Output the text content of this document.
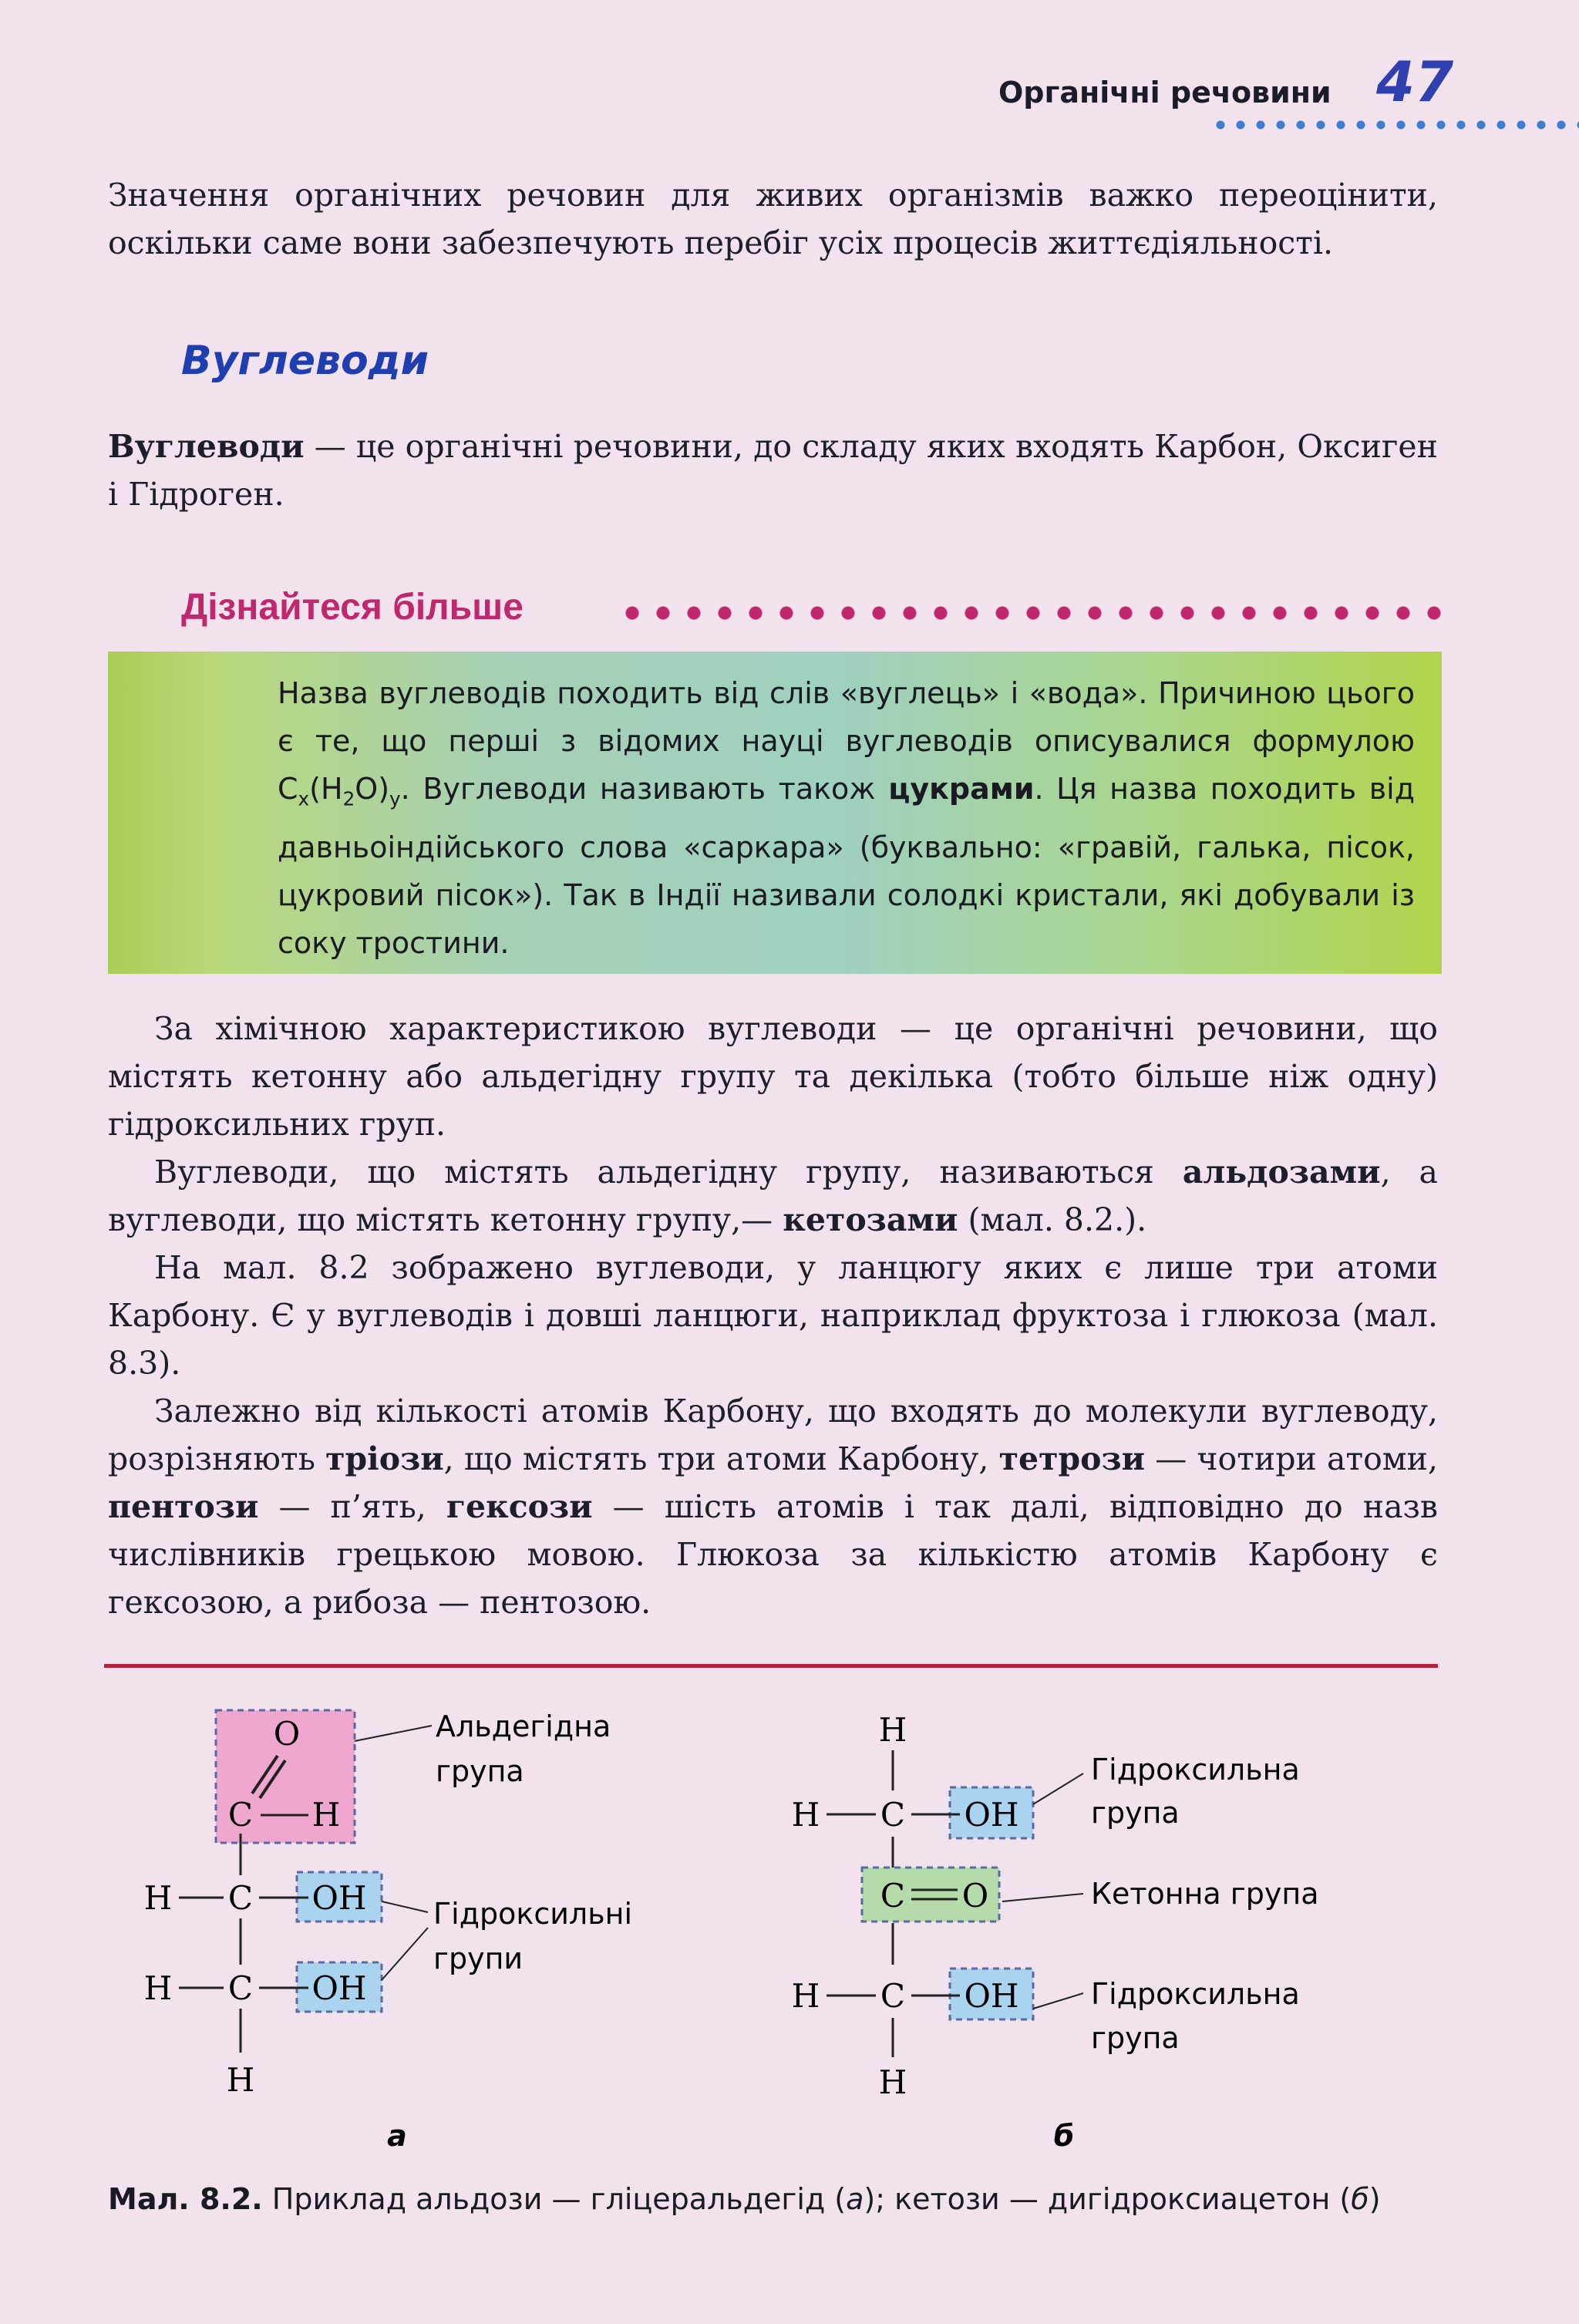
Органічні речовини 47

Значення органічних речовин для живих організмів важко переоцінити, оскільки саме вони забезпечують перебіг усіх процесів життєдіяльності.

Вуглеводи

Вуглеводи — це органічні речовини, до складу яких входять Карбон, Оксиген і Гідроген.

Дізнайтеся більше

Назва вуглеводів походить від слів «вуглець» і «вода». Причиною цього є те, що перші з відомих науці вуглеводів описувалися формулою $C_x(H_2O)_y$. Вуглеводи називають також цукрами. Ця назва походить від давньоіндійського слова «саркара» (буквально: «гравій, галька, пісок, цукровий пісок»). Так в Індії називали солодкі кристали, які добували із соку тростини.

За хімічною характеристикою вуглеводи — це органічні речовини, що містять кетонну або альдегідну групу та декілька (тобто більше ніж одну) гідроксильних груп.

Вуглеводи, що містять альдегідну групу, називаються альдозами, а вуглеводи, що містять кетонну групу,— кетозами (мал. 8.2.).

На мал. 8.2 зображено вуглеводи, у ланцюгу яких є лише три атоми Карбону. Є у вуглеводів і довші ланцюги, наприклад фруктоза і глюкоза (мал. 8.3).

Залежно від кількості атомів Карбону, що входять до молекули вуглеводу, розрізняють тріози, що містять три атоми Карбону, тетрози — чотири атоми, пентози — п’ять, гексози — шість атомів і так далі, відповідно до назв числівників грецькою мовою. Глюкоза за кількістю атомів Карбону є гексозою, а рибоза — пентозою.

O
C H
H C OH
H C OH
H
Альдегідна
група
Гідроксильні
групи
а
H
H C OH
C O
H C OH
H
Гідроксильна
група
Кетонна група
Гідроксильна
група
б

Мал. 8.2. Приклад альдози — гліцеральдегід (а); кетози — дигідроксиацетон (б)
